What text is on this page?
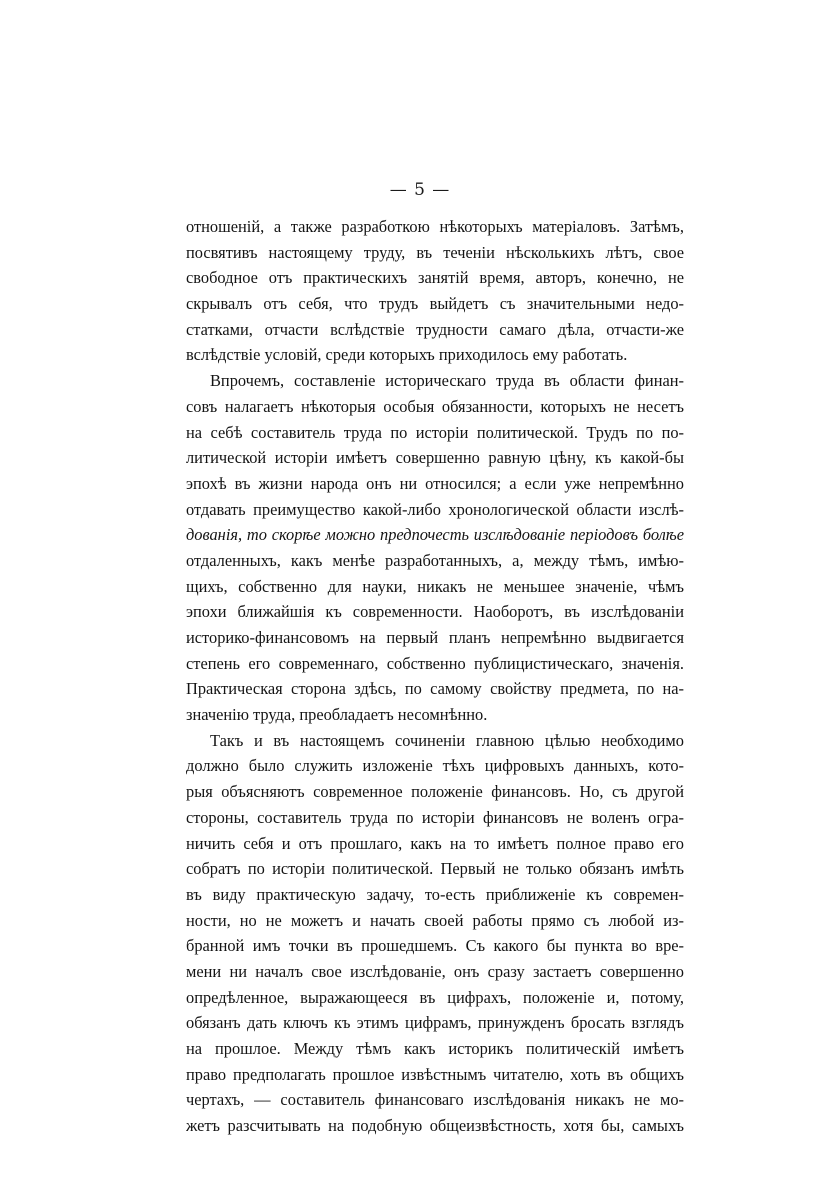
— 5 —
отношеній, а также разработкою нѣкоторыхъ матеріаловъ. Затѣмъ,
посвятивъ настоящему труду, въ теченіи нѣсколькихъ лѣтъ, свое
свободное отъ практическихъ занятій время, авторъ, конечно, не
скрывалъ отъ себя, что трудъ выйдетъ съ значительными недо-
статками, отчасти вслѣдствіе трудности самаго дѣла, отчасти-же
вслѣдствіе условій, среди которыхъ приходилось ему работать.
Впрочемъ, составленіе историческаго труда въ области финан-
совъ налагаетъ нѣкоторыя особыя обязанности, которыхъ не несетъ
на себѣ составитель труда по исторіи политической. Трудъ по по-
литической исторіи имѣетъ совершенно равную цѣну, къ какой-бы
эпохѣ въ жизни народа онъ ни относился; а если уже непремѣнно
отдавать преимущество какой-либо хронологической области изслѣ-
дованія, то скорѣе можно предпочесть изслѣдованіе періодовъ болѣе
отдаленныхъ, какъ менѣе разработанныхъ, а, между тѣмъ, имѣю-
щихъ, собственно для науки, никакъ не меньшее значеніе, чѣмъ
эпохи ближайшія къ современности. Наоборотъ, въ изслѣдованіи
историко-финансовомъ на первый планъ непремѣнно выдвигается
степень его современнаго, собственно публицистическаго, значенія.
Практическая сторона здѣсь, по самому свойству предмета, по на-
значенію труда, преобладаетъ несомнѣнно.
Такъ и въ настоящемъ сочиненіи главною цѣлью необходимо
должно было служить изложеніе тѣхъ цифровыхъ данныхъ, кото-
рыя объясняютъ современное положеніе финансовъ. Но, съ другой
стороны, составитель труда по исторіи финансовъ не воленъ огра-
ничить себя и отъ прошлаго, какъ на то имѣетъ полное право его
собратъ по исторіи политической. Первый не только обязанъ имѣть
въ виду практическую задачу, то-есть приближеніе къ современ-
ности, но не можетъ и начать своей работы прямо съ любой из-
бранной имъ точки въ прошедшемъ. Съ какого бы пункта во вре-
мени ни началъ свое изслѣдованіе, онъ сразу застаетъ совершенно
опредѣленное, выражающееся въ цифрахъ, положеніе и, потому,
обязанъ дать ключъ къ этимъ цифрамъ, принужденъ бросать взглядъ
на прошлое. Между тѣмъ какъ историкъ политическій имѣетъ
право предполагать прошлое извѣстнымъ читателю, хоть въ общихъ
чертахъ, — составитель финансоваго изслѣдованія никакъ не мо-
жетъ разсчитывать на подобную общеизвѣстность, хотя бы, самыхъ
